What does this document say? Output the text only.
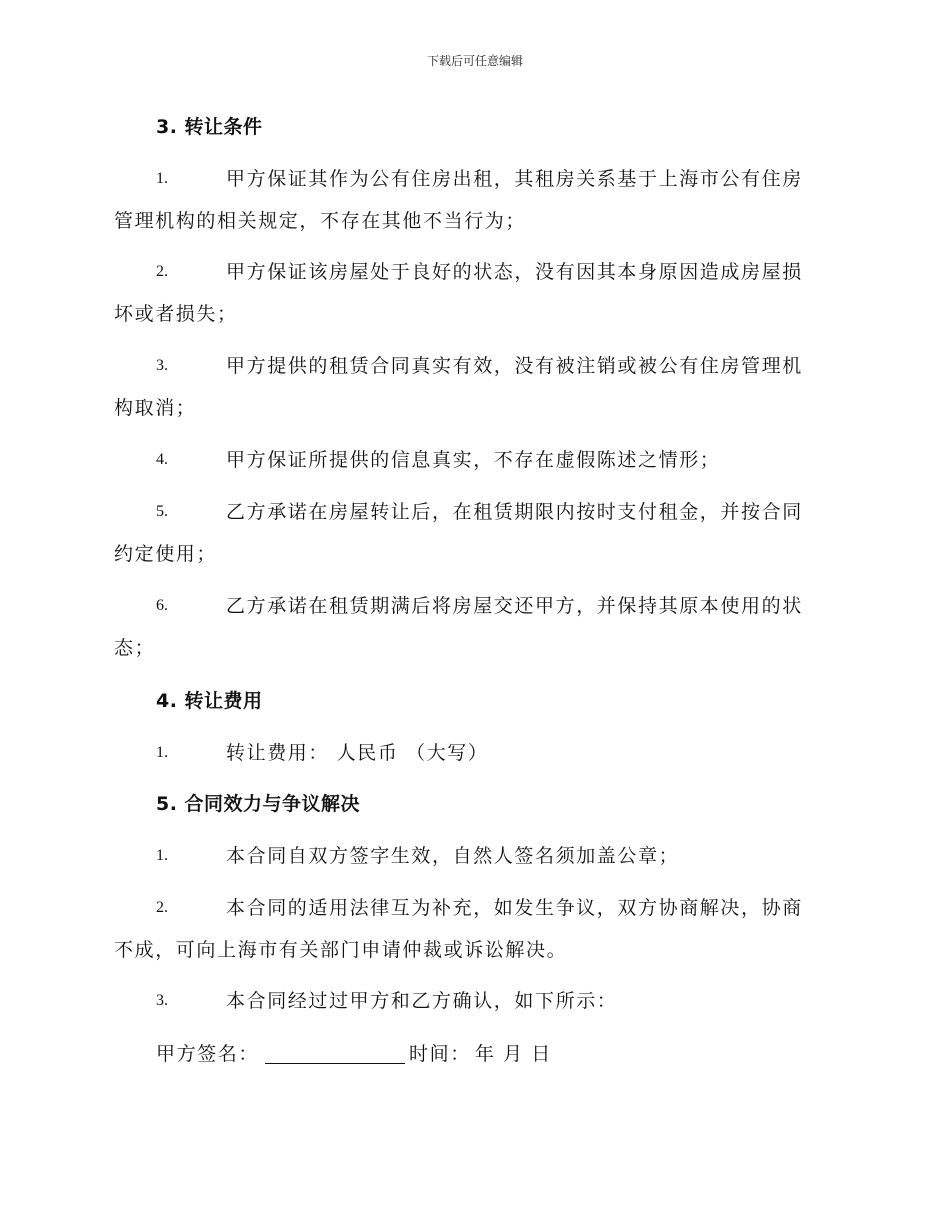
下载后可任意编辑
3. 转让条件
1.	甲方保证其作为公有住房出租，其租房关系基于上海市公有住房
管理机构的相关规定，不存在其他不当行为；
2.	甲方保证该房屋处于良好的状态，没有因其本身原因造成房屋损
坏或者损失；
3.	甲方提供的租赁合同真实有效，没有被注销或被公有住房管理机
构取消；
4.	甲方保证所提供的信息真实，不存在虚假陈述之情形；
5.	乙方承诺在房屋转让后，在租赁期限内按时支付租金，并按合同
约定使用；
6.	乙方承诺在租赁期满后将房屋交还甲方，并保持其原本使用的状
态；
4. 转让费用
1.	转让费用： 人民币 （大写）
5. 合同效力与争议解决
1.	本合同自双方签字生效，自然人签名须加盖公章；
2.	本合同的适用法律互为补充，如发生争议，双方协商解决，协商
不成，可向上海市有关部门申请仲裁或诉讼解决。
3.	本合同经过过甲方和乙方确认，如下所示：
甲方签名：	时间： 年 月 日
